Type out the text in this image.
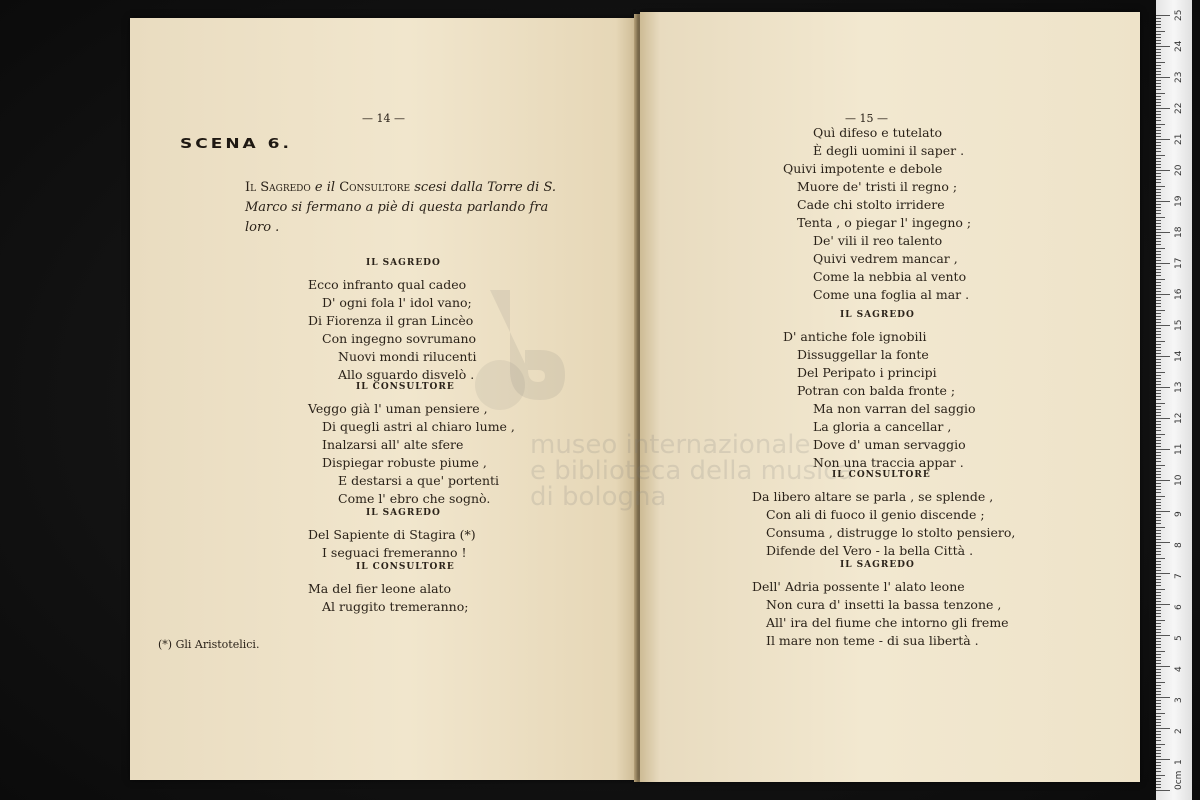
museo internazionale
e biblioteca della musica
di bologna
— 14 —
SCENA 6.
Il Sagredo e il Consultore scesi dalla Torre di S. Marco si fermano a piè di questa parlando fra loro .
IL SAGREDO
Ecco infranto qual cadeo
D' ogni fola l' idol vano;
Di Fiorenza il gran Lincèo
Con ingegno sovrumano
Nuovi mondi rilucenti
Allo sguardo disvelò .
IL CONSULTORE
Veggo già l' uman pensiere ,
Di quegli astri al chiaro lume ,
Inalzarsi all' alte sfere
Dispiegar robuste piume ,
E destarsi a que' portenti
Come l' ebro che sognò.
IL SAGREDO
Del Sapiente di Stagira (*)
I seguaci fremeranno !
IL CONSULTORE
Ma del fier leone alato
Al ruggito tremeranno;
(*) Gli Aristotelici.
— 15 —
Quì difeso e tutelato
È degli uomini il saper .
Quivi impotente e debole
Muore de' tristi il regno ;
Cade chi stolto irridere
Tenta , o piegar l' ingegno ;
De' vili il reo talento
Quivi vedrem mancar ,
Come la nebbia al vento
Come una foglia al mar .
IL SAGREDO
D' antiche fole ignobili
Dissuggellar la fonte
Del Peripato i principi
Potran con balda fronte ;
Ma non varran del saggio
La gloria a cancellar ,
Dove d' uman servaggio
Non una traccia appar .
IL CONSULTORE
Da libero altare se parla , se splende ,
Con ali di fuoco il genio discende ;
Consuma , distrugge lo stolto pensiero,
Difende del Vero - la bella Città .
IL SAGREDO
Dell' Adria possente l' alato leone
Non cura d' insetti la bassa tenzone ,
All' ira del fiume che intorno gli freme
Il mare non teme - di sua libertà .
0cm
1
2
3
4
5
6
7
8
9
10
11
12
13
14
15
16
17
18
19
20
21
22
23
24
25
